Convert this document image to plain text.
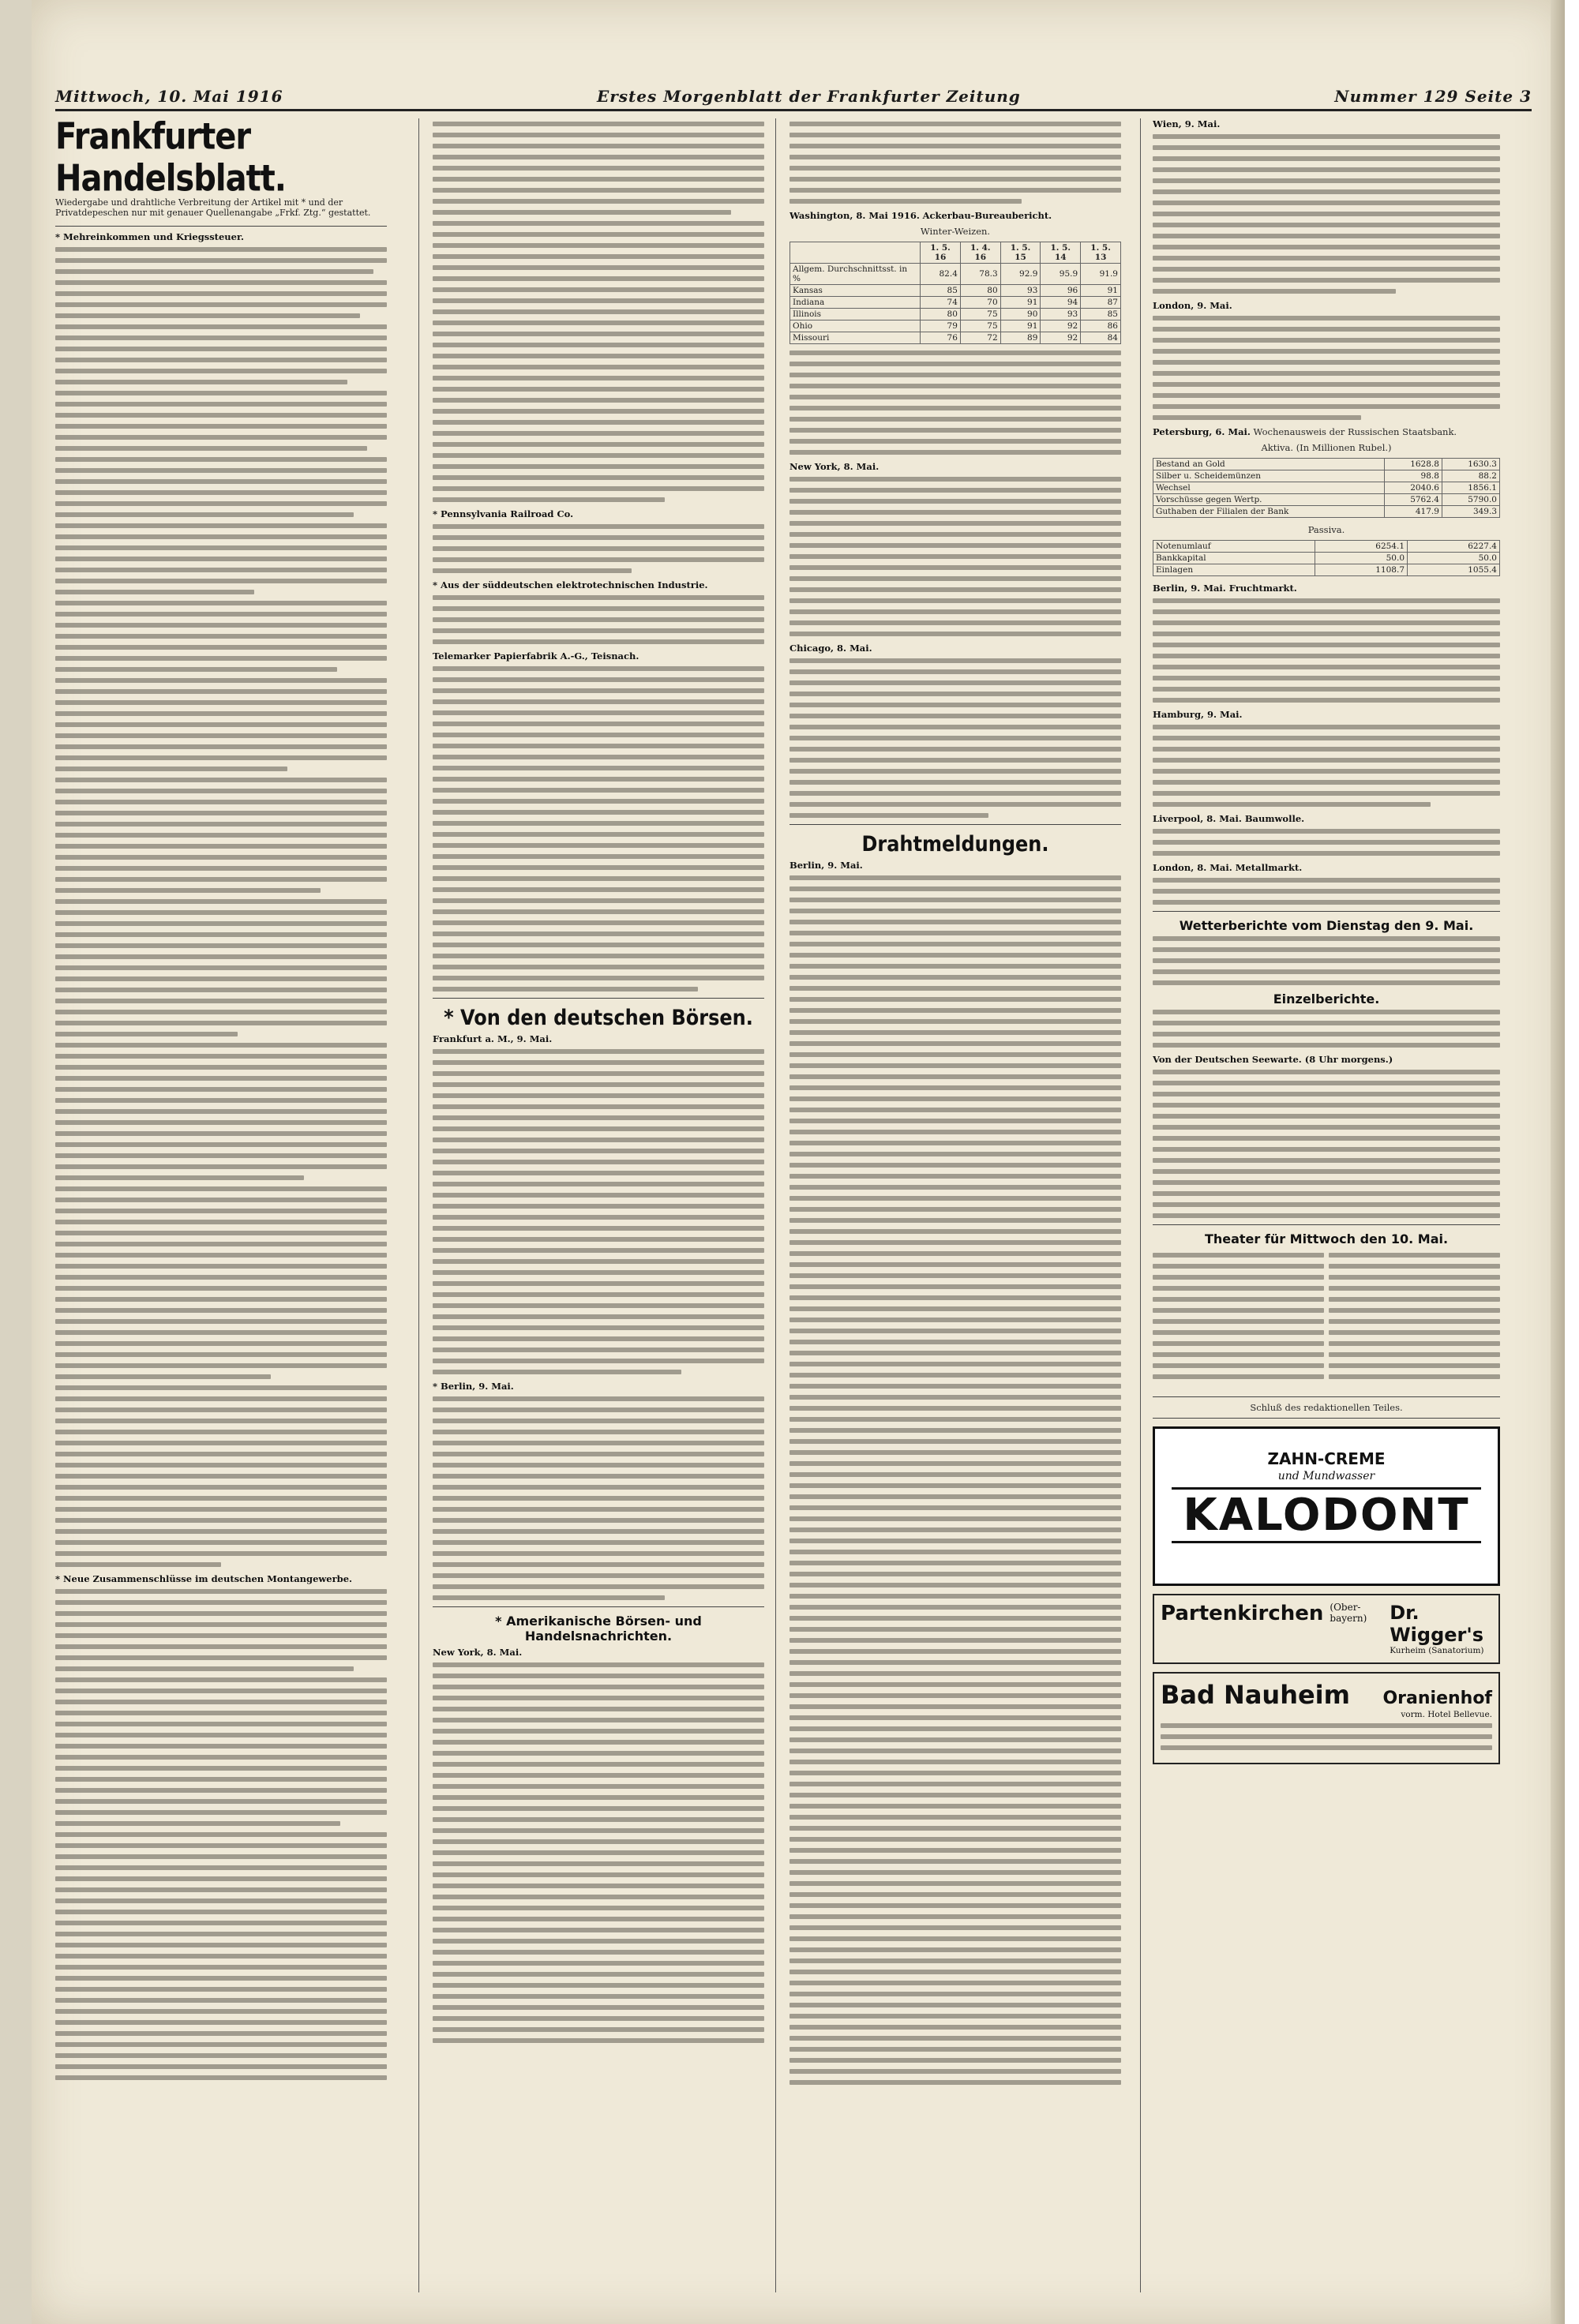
Mittwoch, 10. Mai 1916	Erstes Morgenblatt der Frankfurter Zeitung	Nummer 129 Seite 3
Frankfurter Handelsblatt.
Wiedergabe und drahtliche Verbreitung der Artikel mit * und der Privatdepeschen nur mit genauer Quellenangabe „Frkf. Ztg.“ gestattet.
* Mehreinkommen und Kriegssteuer.
* Neue Zusammenschlüsse im deutschen Montangewerbe.
* Pennsylvania Railroad Co.
* Aus der süddeutschen elektrotechnischen Industrie.
Telemarker Papierfabrik A.-G., Teisnach.
* Von den deutschen Börsen.
Frankfurt a. M., 9. Mai.
* Berlin, 9. Mai.
* Amerikanische Börsen- und Handelsnachrichten.
New York, 8. Mai.
Washington, 8. Mai 1916. Ackerbau-Bureaubericht.
Winter-Weizen.
	1. 5. 16	1. 4. 16	1. 5. 15	1. 5. 14	1. 5. 13
Allgem. Durchschnittsst. in %	82.4	78.3	92.9	95.9	91.9
Kansas	85	80	93	96	91
Indiana	74	70	91	94	87
Illinois	80	75	90	93	85
Ohio	79	75	91	92	86
Missouri	76	72	89	92	84
New York, 8. Mai.
Chicago, 8. Mai.
Drahtmeldungen.
Berlin, 9. Mai.
Wien, 9. Mai.
London, 9. Mai.
Petersburg, 6. Mai. Wochenausweis der Russischen Staatsbank.
Aktiva. (In Millionen Rubel.)
Bestand an Gold	1628.8	1630.3
Silber u. Scheidemünzen	98.8	88.2
Wechsel	2040.6	1856.1
Vorschüsse gegen Wertp.	5762.4	5790.0
Guthaben der Filialen der Bank	417.9	349.3
Passiva.
Notenumlauf	6254.1	6227.4
Bankkapital	50.0	50.0
Einlagen	1108.7	1055.4
Berlin, 9. Mai. Fruchtmarkt.
Hamburg, 9. Mai.
Liverpool, 8. Mai. Baumwolle.
London, 8. Mai. Metallmarkt.
Wetterberichte vom Dienstag den 9. Mai.
Einzelberichte.
Von der Deutschen Seewarte. (8 Uhr morgens.)
Theater für Mittwoch den 10. Mai.
Schluß des redaktionellen Teiles.
ZAHN-CREME
und Mundwasser
KALODONT
Partenkirchen (Ober-bayern)	Dr. Wigger's
Kurheim (Sanatorium)
Bad Nauheim Oranienhof
vorm. Hotel Bellevue.
